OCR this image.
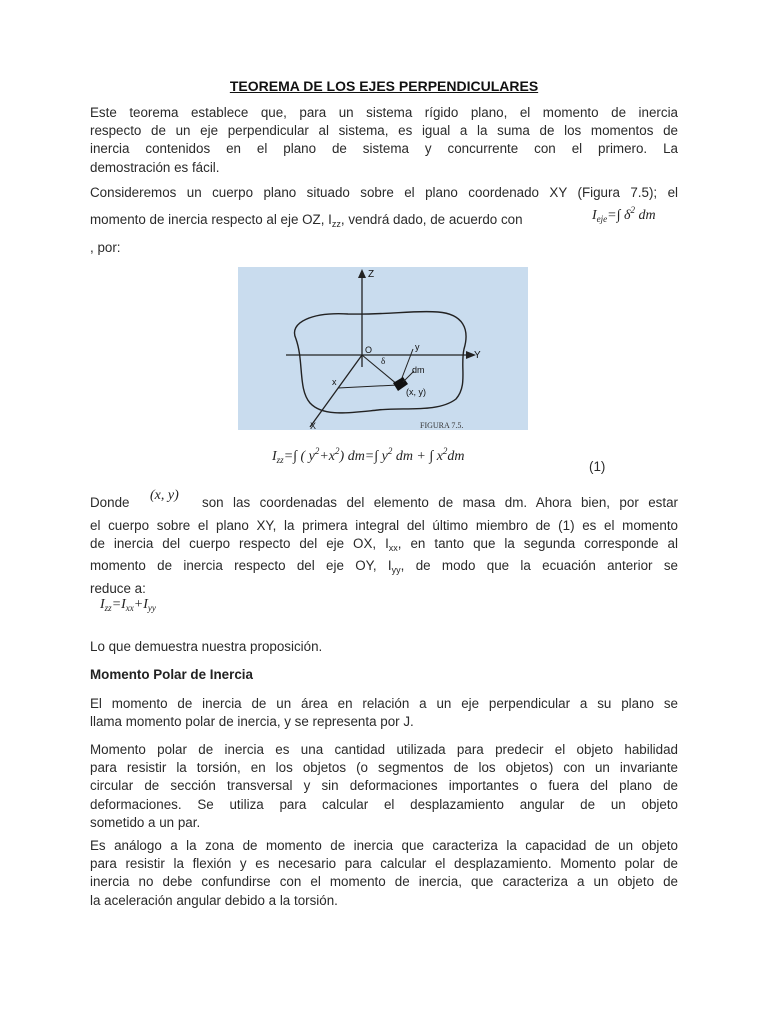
TEOREMA DE LOS EJES PERPENDICULARES
Este teorema establece que, para un sistema rígido plano, el momento de inercia
respecto de un eje perpendicular al sistema, es igual a la suma de los momentos de
inercia contenidos en el plano de sistema y concurrente con el primero. La
demostración es fácil.
Consideremos un cuerpo plano situado sobre el plano coordenado XY (Figura 7.5); el
momento de inercia respecto al eje OZ, $I_{zz}$, vendrá dado, de acuerdo con	$I_{eje}=\int$ $\delta^2$ dm
, por:
Z
Y
O	y
δ
dm
x
(x, y)
X	FIGURA 7.5.
$I_{zz}=\int$ ( $y^2+x^2$) dm=∫ $y^2$ dm + ∫ $x^2dm$
(1)
Donde (x, y) son las coordenadas del elemento de masa dm. Ahora bien, por estar
el cuerpo sobre el plano XY, la primera integral del último miembro de (1) es el momento
de inercia del cuerpo respecto del eje OX, $I_{xx}$, en tanto que la segunda corresponde al
momento de inercia respecto del eje OY, $I_{yy}$, de modo que la ecuación anterior se
reduce a:
$I_{zz}=I_{xx}+I_{yy}$
Lo que demuestra nuestra proposición.
Momento Polar de Inercia
El momento de inercia de un área en relación a un eje perpendicular a su plano se
llama momento polar de inercia, y se representa por J.
Momento polar de inercia es una cantidad utilizada para predecir el objeto habilidad
para resistir la torsión, en los objetos (o segmentos de los objetos) con un invariante
circular de sección transversal y sin deformaciones importantes o fuera del plano de
deformaciones. Se utiliza para calcular el desplazamiento angular de un objeto
sometido a un par.
Es análogo a la zona de momento de inercia que caracteriza la capacidad de un objeto
para resistir la flexión y es necesario para calcular el desplazamiento. Momento polar de
inercia no debe confundirse con el momento de inercia, que caracteriza a un objeto de
la aceleración angular debido a la torsión.
